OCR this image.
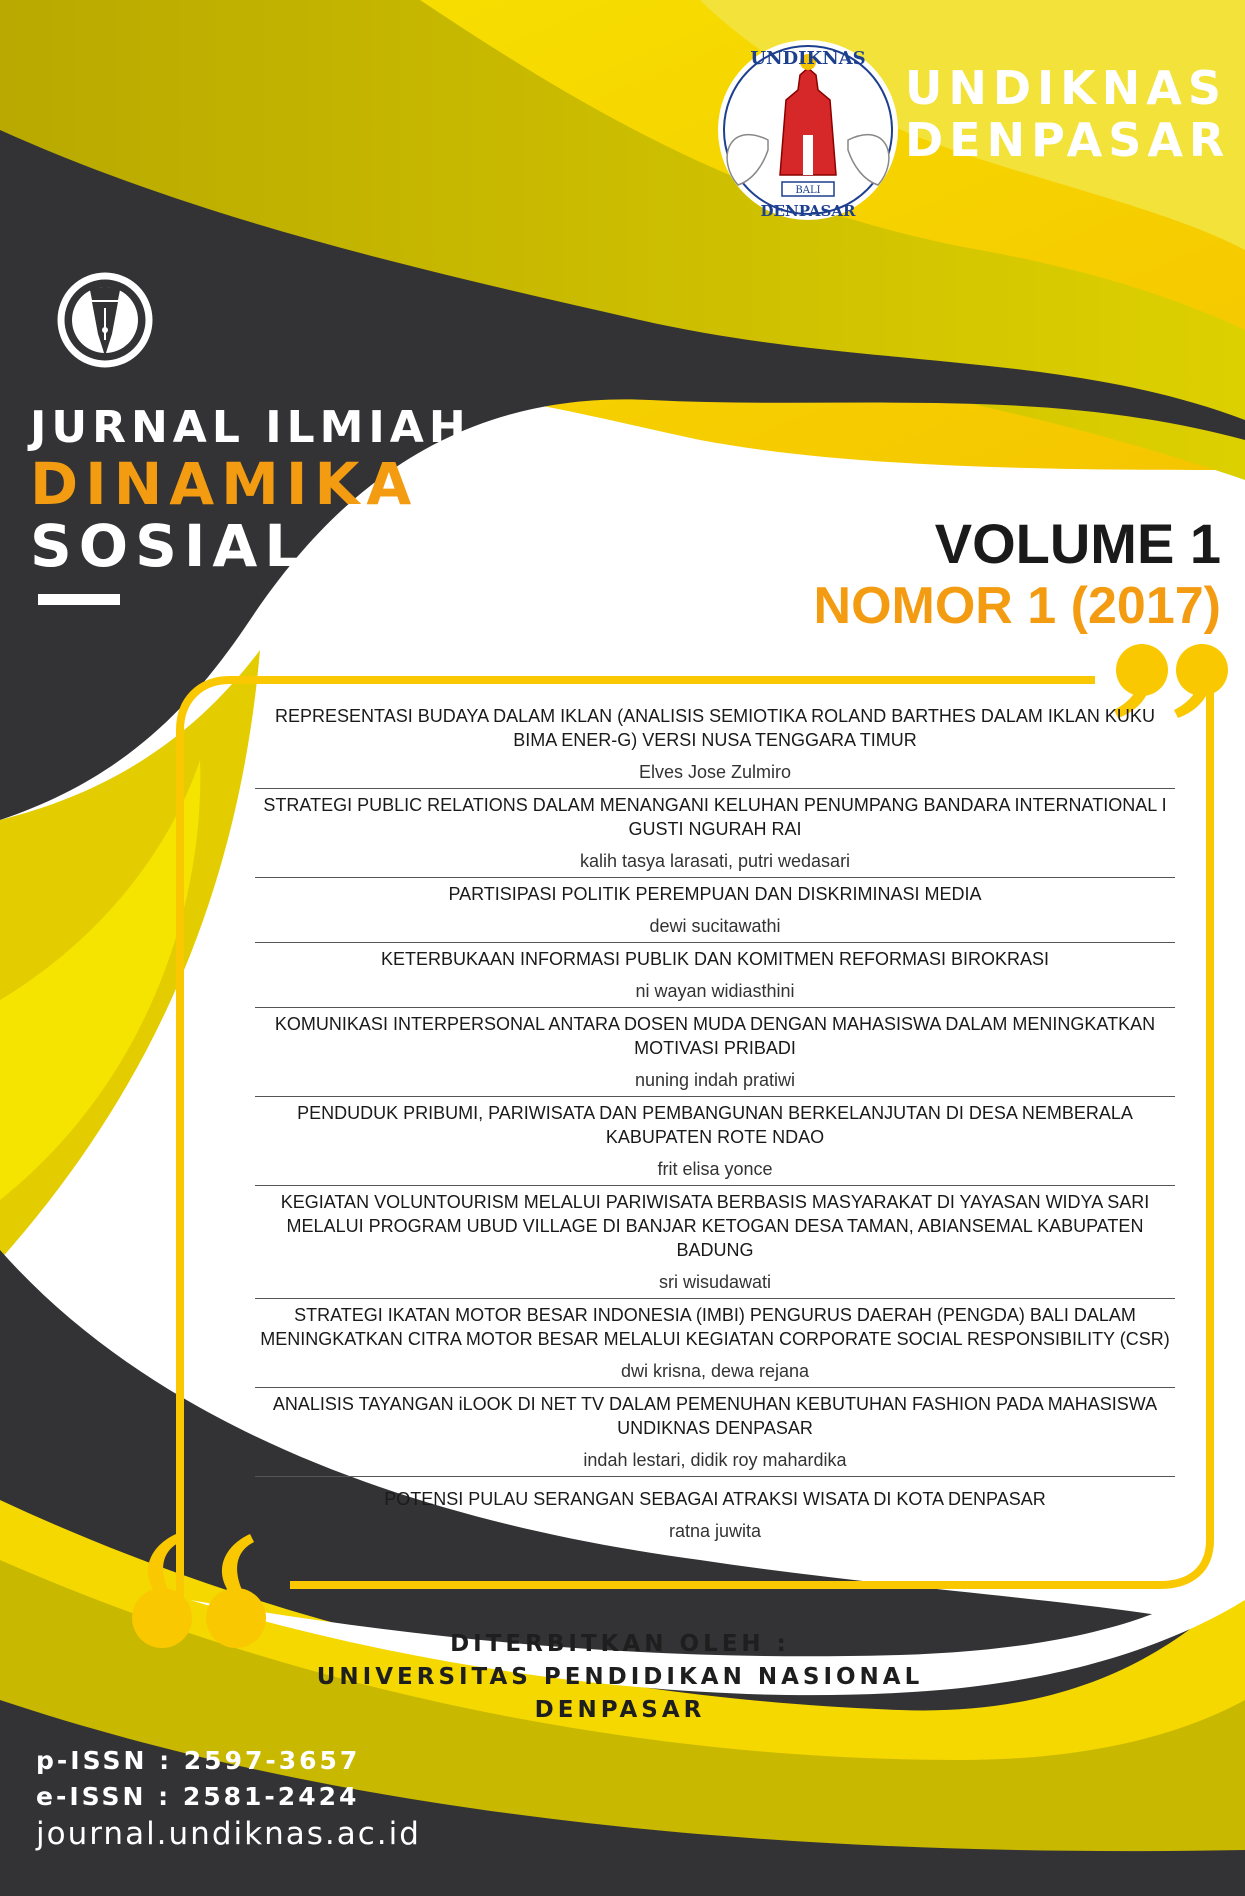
UNDIKNAS
BALI
DENPASAR
UNDIKNAS
DENPASAR
JURNAL ILMIAH
DINAMIKA
SOSIAL	VOLUME 1
NOMOR 1 (2017)
REPRESENTASI BUDAYA DALAM IKLAN (ANALISIS SEMIOTIKA ROLAND BARTHES DALAM IKLAN KUKU BIMA ENER-G) VERSI NUSA TENGGARA TIMUR
Elves Jose Zulmiro
STRATEGI PUBLIC RELATIONS DALAM MENANGANI KELUHAN PENUMPANG BANDARA INTERNATIONAL I GUSTI NGURAH RAI
kalih tasya larasati, putri wedasari
PARTISIPASI POLITIK PEREMPUAN DAN DISKRIMINASI MEDIA
dewi sucitawathi
KETERBUKAAN INFORMASI PUBLIK DAN KOMITMEN REFORMASI BIROKRASI
ni wayan widiasthini
KOMUNIKASI INTERPERSONAL ANTARA DOSEN MUDA DENGAN MAHASISWA DALAM MENINGKATKAN MOTIVASI PRIBADI
nuning indah pratiwi
PENDUDUK PRIBUMI, PARIWISATA DAN PEMBANGUNAN BERKELANJUTAN DI DESA NEMBERALA KABUPATEN ROTE NDAO
frit elisa yonce
KEGIATAN VOLUNTOURISM MELALUI PARIWISATA BERBASIS MASYARAKAT DI YAYASAN WIDYA SARI MELALUI PROGRAM UBUD VILLAGE DI BANJAR KETOGAN DESA TAMAN, ABIANSEMAL KABUPATEN BADUNG
sri wisudawati
STRATEGI IKATAN MOTOR BESAR INDONESIA (IMBI) PENGURUS DAERAH (PENGDA) BALI DALAM MENINGKATKAN CITRA MOTOR BESAR MELALUI KEGIATAN CORPORATE SOCIAL RESPONSIBILITY (CSR)
dwi krisna, dewa rejana
ANALISIS TAYANGAN iLOOK DI NET TV DALAM PEMENUHAN KEBUTUHAN FASHION PADA MAHASISWA UNDIKNAS DENPASAR
indah lestari, didik roy mahardika
POTENSI PULAU SERANGAN SEBAGAI ATRAKSI WISATA DI KOTA DENPASAR
ratna juwita
DITERBITKAN OLEH :
UNIVERSITAS PENDIDIKAN NASIONAL
DENPASAR
p-ISSN : 2597-3657
e-ISSN : 2581-2424
journal.undiknas.ac.id
